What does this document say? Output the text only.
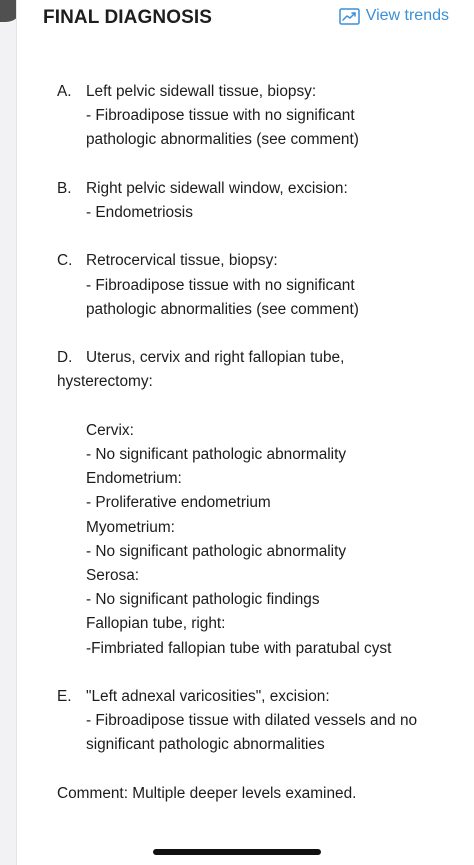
FINAL DIAGNOSIS	View trends
A. Left pelvic sidewall tissue, biopsy:
- Fibroadipose tissue with no significant
pathologic abnormalities (see comment)
B. Right pelvic sidewall window, excision:
- Endometriosis
C. Retrocervical tissue, biopsy:
- Fibroadipose tissue with no significant
pathologic abnormalities (see comment)
D. Uterus, cervix and right fallopian tube,
hysterectomy:
Cervix:
- No significant pathologic abnormality
Endometrium:
- Proliferative endometrium
Myometrium:
- No significant pathologic abnormality
Serosa:
- No significant pathologic findings
Fallopian tube, right:
-Fimbriated fallopian tube with paratubal cyst
E. "Left adnexal varicosities", excision:
- Fibroadipose tissue with dilated vessels and no
significant pathologic abnormalities
Comment: Multiple deeper levels examined.
